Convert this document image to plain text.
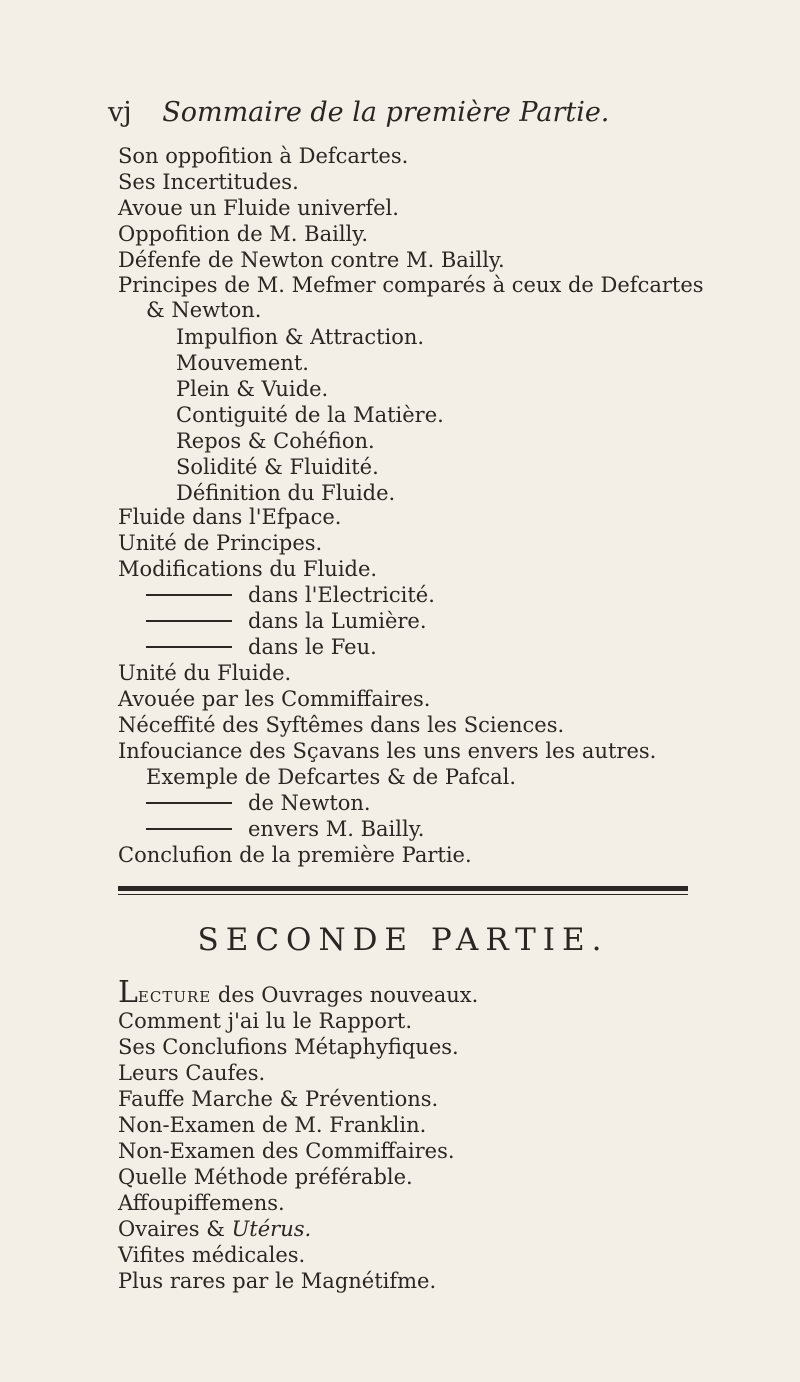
vj Sommaire de la première Partie.
Son oppofition à Defcartes.
Ses Incertitudes.
Avoue un Fluide univerfel.
Oppofition de M. Bailly.
Défenfe de Newton contre M. Bailly.
Principes de M. Mefmer comparés à ceux de Defcartes
& Newton.
Impulfion & Attraction.
Mouvement.
Plein & Vuide.
Contiguité de la Matière.
Repos & Cohéfion.
Solidité & Fluidité.
Définition du Fluide.
Fluide dans l'Efpace.
Unité de Principes.
Modifications du Fluide.
dans l'Electricité.
dans la Lumière.
dans le Feu.
Unité du Fluide.
Avouée par les Commiffaires.
Néceffité des Syftêmes dans les Sciences.
Infouciance des Sçavans les uns envers les autres.
Exemple de Defcartes & de Pafcal.
de Newton.
envers M. Bailly.
Conclufion de la première Partie.
SECONDE PARTIE.
LECTURE des Ouvrages nouveaux.
Comment j'ai lu le Rapport.
Ses Conclufions Métaphyfiques.
Leurs Caufes.
Fauffe Marche & Préventions.
Non-Examen de M. Franklin.
Non-Examen des Commiffaires.
Quelle Méthode préférable.
Affoupiffemens.
Ovaires & Utérus.
Vifites médicales.
Plus rares par le Magnétifme.
